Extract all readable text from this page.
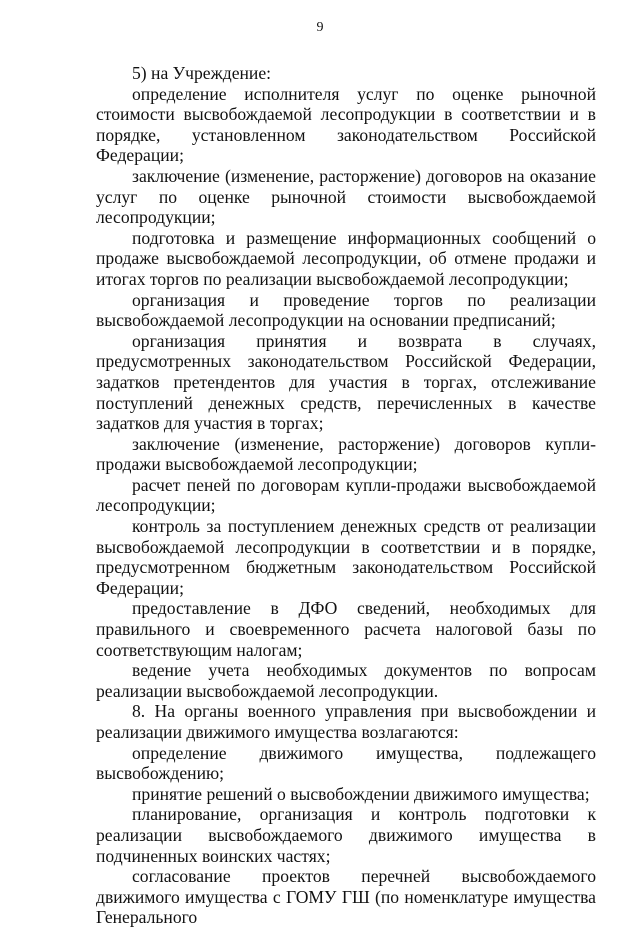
9

5) на Учреждение:

определение исполнителя услуг по оценке рыночной стоимости высвобождаемой лесопродукции в соответствии и в порядке, установленном законодательством Российской Федерации;

заключение (изменение, расторжение) договоров на оказание услуг по оценке рыночной стоимости высвобождаемой лесопродукции;

подготовка и размещение информационных сообщений о продаже высвобождаемой лесопродукции, об отмене продажи и итогах торгов по реализации высвобождаемой лесопродукции;

организация и проведение торгов по реализации высвобождаемой лесопродукции на основании предписаний;

организация принятия и возврата в случаях, предусмотренных законодательством Российской Федерации, задатков претендентов для участия в торгах, отслеживание поступлений денежных средств, перечисленных в качестве задатков для участия в торгах;

заключение (изменение, расторжение) договоров купли-продажи высвобождаемой лесопродукции;

расчет пеней по договорам купли-продажи высвобождаемой лесопродукции;

контроль за поступлением денежных средств от реализации высвобождаемой лесопродукции в соответствии и в порядке, предусмотренном бюджетным законодательством Российской Федерации;

предоставление в ДФО сведений, необходимых для правильного и своевременного расчета налоговой базы по соответствующим налогам;

ведение учета необходимых документов по вопросам реализации высвобождаемой лесопродукции.

8. На органы военного управления при высвобождении и реализации движимого имущества возлагаются:

определение движимого имущества, подлежащего высвобождению;

принятие решений о высвобождении движимого имущества;

планирование, организация и контроль подготовки к реализации высвобождаемого движимого имущества в подчиненных воинских частях;

согласование проектов перечней высвобождаемого движимого имущества с ГОМУ ГШ (по номенклатуре имущества Генерального
